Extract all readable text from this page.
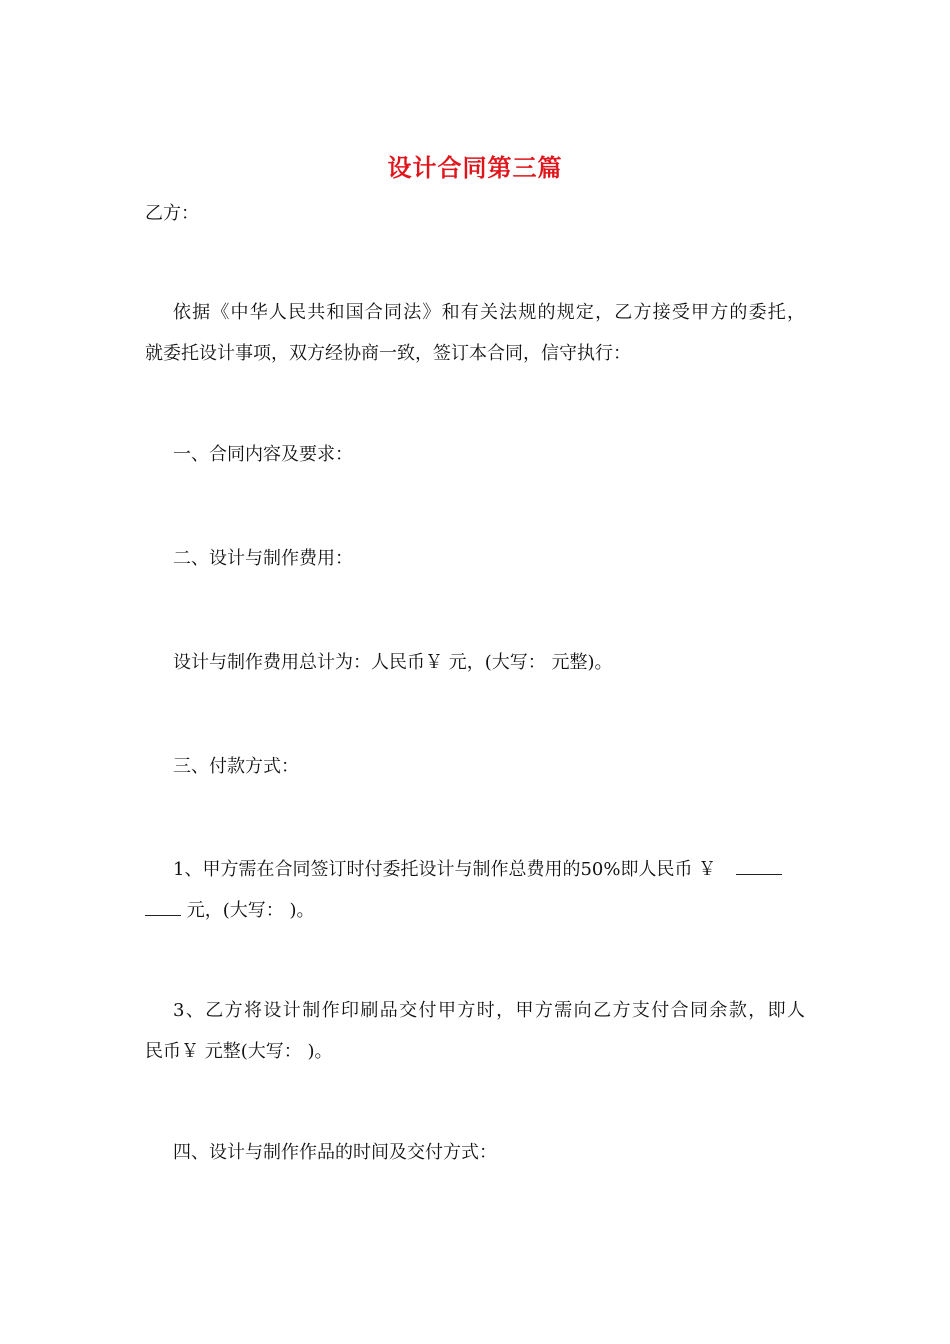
设计合同第三篇
乙方：
依据《中华人民共和国合同法》和有关法规的规定，乙方接受甲方的委托，
就委托设计事项，双方经协商一致，签订本合同，信守执行：
一、合同内容及要求：
二、设计与制作费用：
设计与制作费用总计为：人民币￥ 元，(大写： 元整)。
三、付款方式：
1、甲方需在合同签订时付委托设计与制作总费用的50%即人民币 ￥
元，(大写： )。
3、乙方将设计制作印刷品交付甲方时，甲方需向乙方支付合同余款，即人
民币￥ 元整(大写： )。
四、设计与制作作品的时间及交付方式：
